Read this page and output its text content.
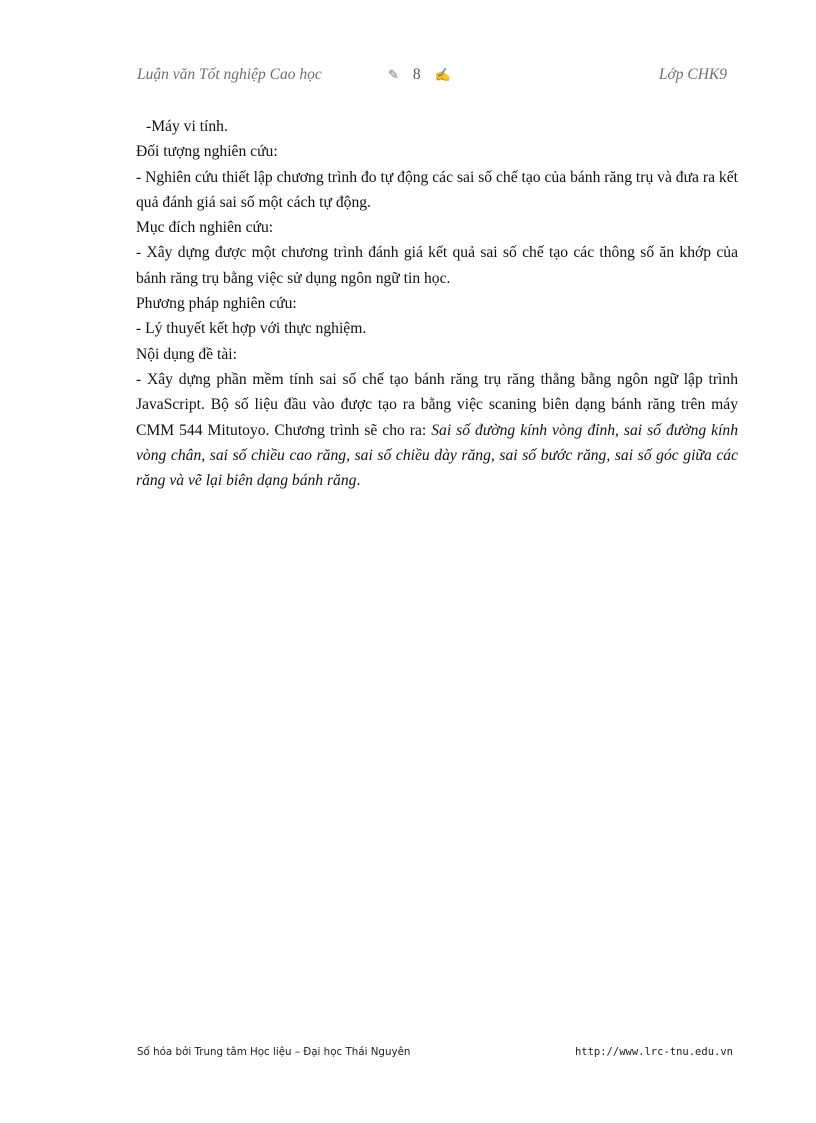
Luận văn Tốt nghiệp Cao học	✎ 8 ✍	Lớp CHK9

-Máy vi tính.

Đối tượng nghiên cứu:

- Nghiên cứu thiết lập chương trình đo tự động các sai số chế tạo của bánh răng trụ và đưa ra kết quả đánh giá sai số một cách tự động.

Mục đích nghiên cứu:

- Xây dựng được một chương trình đánh giá kết quả sai số chế tạo các thông số ăn khớp của bánh răng trụ bằng việc sử dụng ngôn ngữ tin học.

Phương pháp nghiên cứu:

- Lý thuyết kết hợp với thực nghiệm.

Nội dụng đề tài:

- Xây dựng phần mềm tính sai số chế tạo bánh răng trụ răng thẳng bằng ngôn ngữ lập trình JavaScript. Bộ số liệu đầu vào được tạo ra bằng việc scaning biên dạng bánh răng trên máy CMM 544 Mitutoyo. Chương trình sẽ cho ra: Sai số đường kính vòng đỉnh, sai số đường kính vòng chân, sai số chiều cao răng, sai số chiều dày răng, sai số bước răng, sai số góc giữa các răng và vẽ lại biên dạng bánh răng.

Số hóa bởi Trung tâm Học liệu – Đại học Thái Nguyên	http://www.lrc-tnu.edu.vn
